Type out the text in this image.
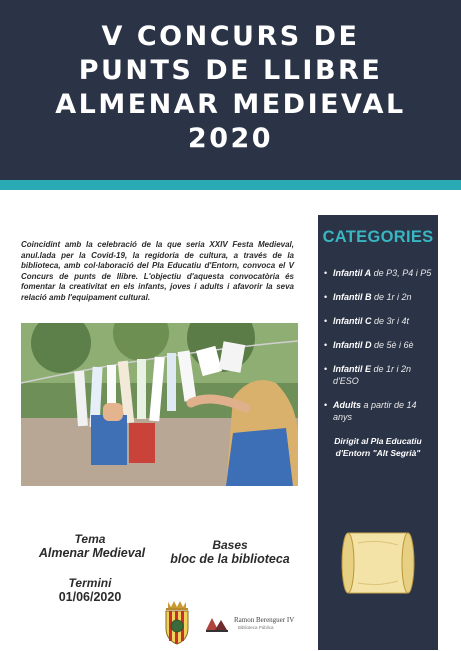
V CONCURS DE
PUNTS DE LLIBRE
ALMENAR MEDIEVAL
2020

Coincidint amb la celebració de la que seria XXIV Festa Medieval, anul.lada per la Covid-19, la regidoria de cultura, a través de la biblioteca, amb col·laboració del Pla Educatiu d'Entorn, convoca el V Concurs de punts de llibre. L'objectiu d'aquesta convocatòria és fomentar la creativitat en els infants, joves i adults i afavorir la seva relació amb l'equipament cultural.

Tema
Almenar Medieval
Bases
bloc de la biblioteca
Termini
01/06/2020
Ramon Berenguer IV
Biblioteca Pública
CATEGORIES
• Infantil A de P3, P4 i P5
• Infantil B de 1r i 2n
• Infantil C de 3r i 4t
• Infantil D de 5è i 6è
• Infantil E de 1r i 2n d'ESO
• Adults a partir de 14 anys

Dirigit al Pla Educatiu d'Entorn "Alt Segrià"
